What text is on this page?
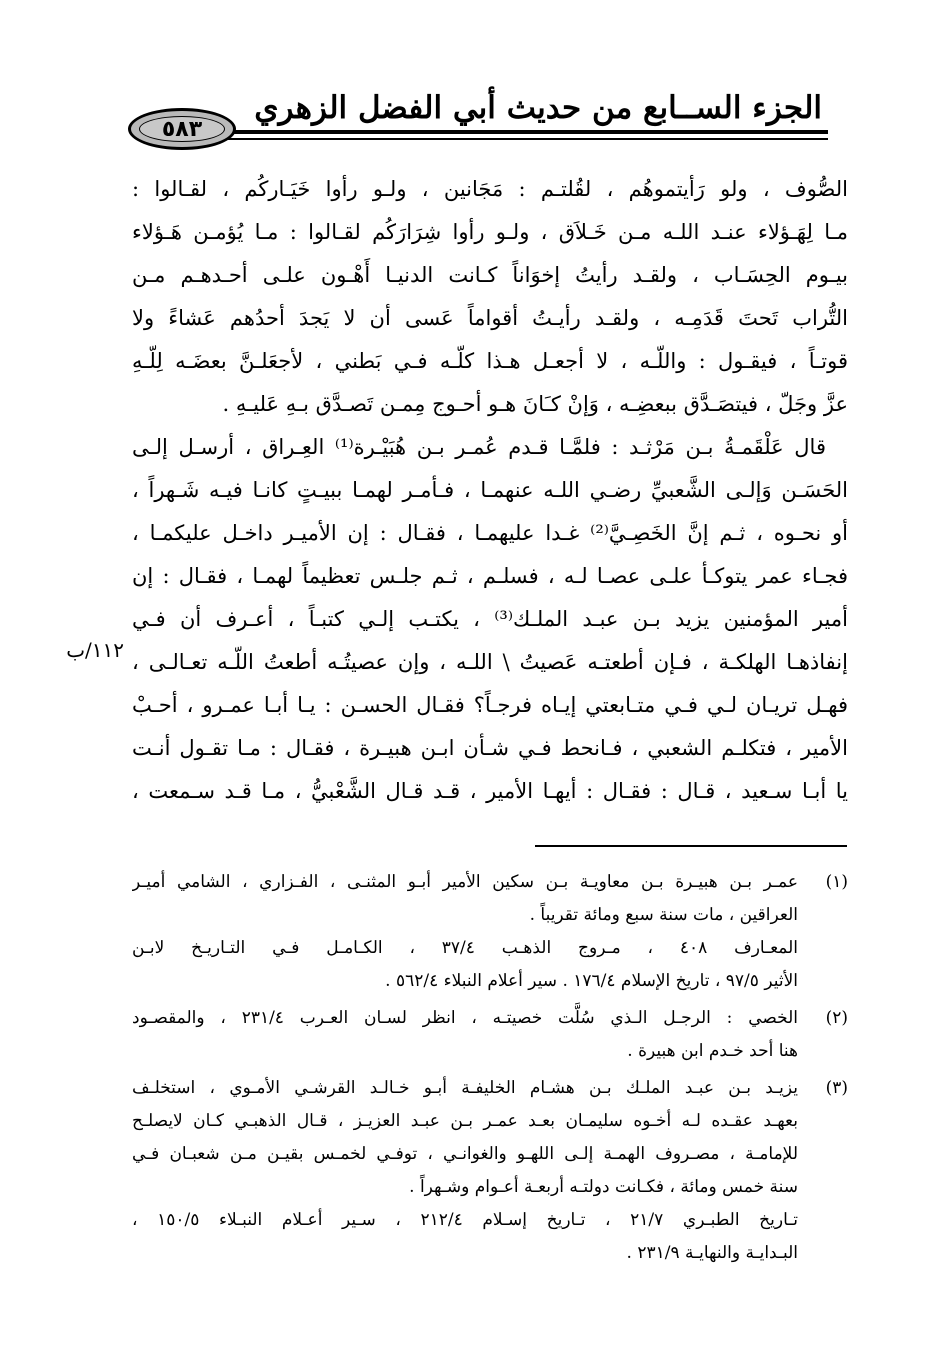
الجزء الســابع من حديث أبي الفضل الزهري
٥٨٣
الصُّوف ، ولو رَأيتموهُم ، لقُلتـم : مَجَانين ، ولـو رأوا خَيَـاركُم ، لقـالوا :
مـا لِهَـؤلاء عنـد اللـه مـن خَـلاَق ، ولـو رأوا شِرَارَكُم لقـالوا : مـا يُؤمـن هَـؤلاء
بيـوم الحِسَـاب ، ولقـد رأيتُ إخوَاناً كـانت الدنيـا أَهْـون علـى أحـدهـم مـن
التُّراب تَحتَ قَدَمِـه ، ولقـد رأيـتُ أقواماً عَسى أن لا يَجدَ أحدُهم عَشاءً ولا
قوتـاً ، فيقـول : واللّـه ، لا أجعـل هـذا كلّـه فـي بَطني ، لأجعَلـنَّ بعضَـه لِلّـهِ
عزَّ وجَلّ ، فيتصَـدَّق ببعضِـه ، وَإنْ كـَانَ هـو أحـوج مِمـن تَصـدَّق بـهِ عَليـهِ .
قال عَلْقَمـةُ بـن مَرْثـد : فلمَّـا قـدم عُمـر بـن هُبَيْـرة⁽¹⁾ العِـراق ، أرسـل إلـى
الحَسَـن وَإلـى الشَّعبيِّ رضـي اللـه عنهمـا ، فـأمـر لهمـا ببيـتٍ كانـا فيـه شَـهراً ،
أو نحـوه ، ثـم إنَّ الخَصِـيَّ⁽²⁾ غـدا عليهمـا ، فقـال : إن الأميـر داخـل عليكمـا ،
فجـاء عمر يتوكـأ علـى عصـا لـه ، فسلـم ، ثـم جلـس تعظيماً لهمـا ، فقـال : إن
أمير المؤمنين يزيد بـن عبـد الملـك⁽³⁾ ، يكتـب إلـي كتبـاً ، أعـرف أن فـي
إنفاذهـا الهلكـة ، فـإن أطعتـه عَصيتُ \ اللـه ، وإن عصيتُـه أطعتُ اللّـه تعـالـى ،
فهـل تريـان لـي فـي متـابعتي إيـاه فرجـاً؟ فقـال الحسـن : يـا أبـا عمـرو ، أحـبْ
الأمير ، فتكلـم الشعبي ، فـانحط فـي شـأن ابـن هبيـرة ، فقـال : مـا تقـول أنـت
يا أبـا سـعيد ، قـال : فقـال : أيهـا الأمير ، قـد قـال الشَّعْبيُّ ، مـا قـد سـمعت ،
١١٢/ب
(١)
عمـر بـن هبيـرة بـن معاويـة بـن سكين الأمير أبـو المثنـى ، الفـزاري ، الشامي أميـر
العراقين ، مات سنة سبع ومائة تقريباً .
المعـارف ٤٠٨ ، مـروج الذهـب ٣٧/٤ ، الكـامـل فـي التـاريـخ لابـن
الأثير ٩٧/٥ ، تاريخ الإسلام ١٧٦/٤ . سير أعلام النبلاء ٥٦٢/٤ .
(٢)
الخصي : الرجـل الـذي سُلَّت خصيتـه ، انظر لسـان العـرب ٢٣١/٤ ، والمقصـود
هنا أحد خـدم ابن هبيرة .
(٣)
يزيـد بـن عبـد الملـك بـن هشـام الخليفـة أبـو خـالـد القرشـي الأمـوي ، استخلـف
بعهـد عقـده لـه أخـوه سليمـان بعـد عمـر بـن عبـد العزيـز ، قـال الذهبـي كـان لايصلـح
للإمامـة ، مصـروف الهمـة إلـى اللهـو والغوانـي ، توفـي لخمـس بقيـن مـن شعبـان فـي
سنة خمس ومائة ، فكـانت دولتـه أربعـة أعـوام وشـهراً .
تـاريخ الطبـري ٢١/٧ ، تـاريخ إسـلام ٢١٢/٤ ، سـير أعـلام النبـلاء ١٥٠/٥ ،
البـدايـة والنهايـة ٢٣١/٩ .
